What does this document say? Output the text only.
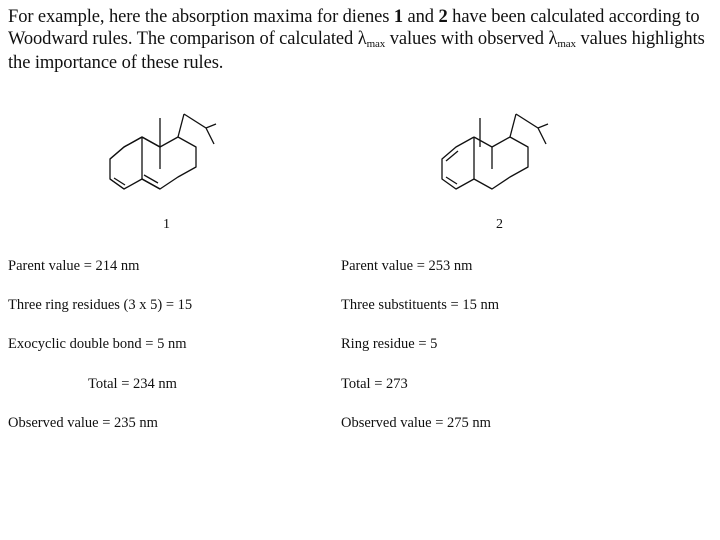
For example, here the absorption maxima for dienes 1 and 2 have been calculated according to
Woodward rules. The comparison of calculated λmax values with observed λmax values highlights
the importance of these rules.
1	2
Parent value = 214 nm
Three ring residues (3 x 5) = 15
Exocyclic double bond = 5 nm
Total = 234 nm
Observed value = 235 nm
Parent value = 253 nm
Three substituents = 15 nm
Ring residue = 5
Total = 273
Observed value = 275 nm
